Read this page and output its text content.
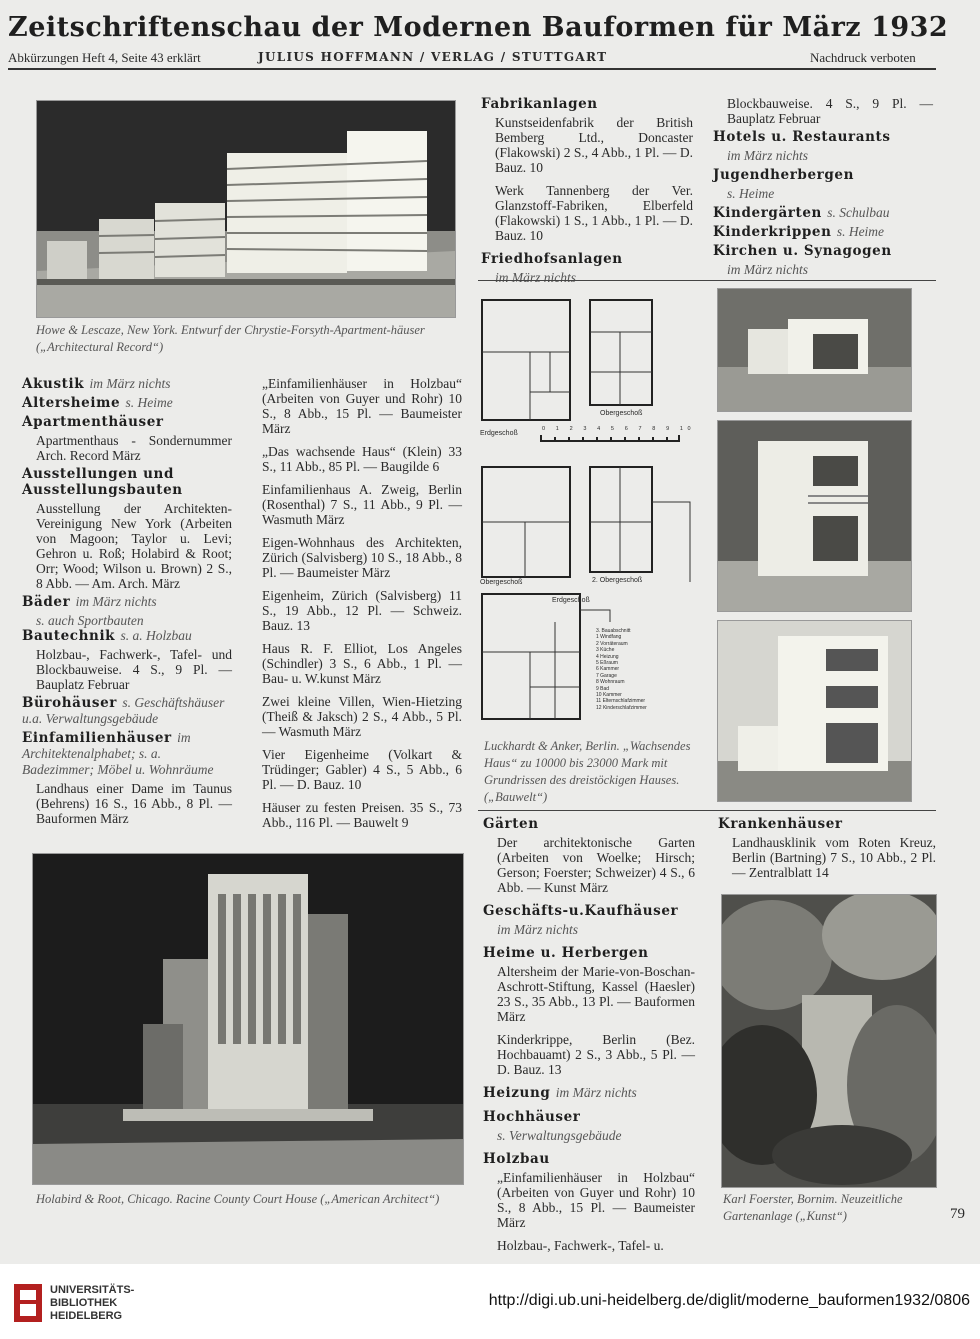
Zeitschriftenschau der Modernen Bauformen für März 1932
Abkürzungen Heft 4, Seite 43 erklärt	JULIUS HOFFMANN / VERLAG / STUTTGART	Nachdruck verboten
Howe & Lescaze, New York. Entwurf der Chrystie-Forsyth-Apartment-häuser („Architectural Record“)
Akustik im März nichts
Altersheime s. Heime
Apartmenthäuser
Apartmenthaus - Sondernummer Arch. Record März
Ausstellungen und Ausstellungsbauten
Ausstellung der Architekten-Vereinigung New York (Arbeiten von Magoon; Taylor u. Levi; Gehron u. Roß; Holabird & Root; Orr; Wood; Wilson u. Brown) 2 S., 8 Abb. — Am. Arch. März
Bäder im März nichts
s. auch Sportbauten
Bautechnik s. a. Holzbau
Holzbau-, Fachwerk-, Tafel- und Blockbauweise. 4 S., 9 Pl. — Bauplatz Februar
Bürohäuser s. Geschäftshäuser u.a. Verwaltungsgebäude
Einfamilienhäuser im Architektenalphabet; s. a. Badezimmer; Möbel u. Wohnräume
Landhaus einer Dame im Taunus (Behrens) 16 S., 16 Abb., 8 Pl. — Bauformen März
„Einfamilienhäuser in Holzbau“ (Arbeiten von Guyer und Rohr) 10 S., 8 Abb., 15 Pl. — Baumeister März
„Das wachsende Haus“ (Klein) 33 S., 11 Abb., 85 Pl. — Baugilde 6
Einfamilienhaus A. Zweig, Berlin (Rosenthal) 7 S., 11 Abb., 9 Pl. — Wasmuth März
Eigen-Wohnhaus des Architekten, Zürich (Salvisberg) 10 S., 18 Abb., 8 Pl. — Baumeister März
Eigenheim, Zürich (Salvisberg) 11 S., 19 Abb., 12 Pl. — Schweiz. Bauz. 13
Haus R. F. Elliot, Los Angeles (Schindler) 3 S., 6 Abb., 1 Pl. — Bau- u. W.kunst März
Zwei kleine Villen, Wien-Hietzing (Theiß & Jaksch) 2 S., 4 Abb., 5 Pl. — Wasmuth März
Vier Eigenheime (Volkart & Trüdinger; Gabler) 4 S., 5 Abb., 6 Pl. — D. Bauz. 10
Häuser zu festen Preisen. 35 S., 73 Abb., 116 Pl. — Bauwelt 9
Holabird & Root, Chicago. Racine County Court House („American Architect“)
Fabrikanlagen
Kunstseidenfabrik der British Bemberg Ltd., Doncaster (Flakowski) 2 S., 4 Abb., 1 Pl. — D. Bauz. 10
Werk Tannenberg der Ver. Glanzstoff-Fabriken, Elberfeld (Flakowski) 1 S., 1 Abb., 1 Pl. — D. Bauz. 10
Friedhofsanlagen
im März nichts
Blockbauweise. 4 S., 9 Pl. — Bauplatz Februar
Hotels u. Restaurants
im März nichts
Jugendherbergen
s. Heime
Kindergärten s. Schulbau
Kinderkrippen s. Heime
Kirchen u. Synagogen
im März nichts
Erdgeschoß
Obergeschoß
0 1 2 3 4 5 6 7 8 9 10
Obergeschoß	2. Obergeschoß
Erdgeschoß
3. Bauabschnitt
1 Windfang
2 Vorräteraum
3 Küche
4 Heizung
5 Eßraum
6 Kammer
7 Garage
8 Wohnraum
9 Bad
10 Kammer
11 Elternschlafzimmer
12 Kinderschlafzimmer
Luckhardt & Anker, Berlin. „Wachsendes Haus“ zu 10000 bis 23000 Mark mit Grundrissen des dreistöckigen Hauses. („Bauwelt“)
Gärten
Der architektonische Garten (Arbeiten von Woelke; Hirsch; Gerson; Foerster; Schweizer) 4 S., 6 Abb. — Kunst März
Geschäfts-u.Kaufhäuser
im März nichts
Heime u. Herbergen
Altersheim der Marie-von-Boschan-Aschrott-Stiftung, Kassel (Haesler) 23 S., 35 Abb., 13 Pl. — Bauformen März
Kinderkrippe, Berlin (Bez. Hochbauamt) 2 S., 3 Abb., 5 Pl. — D. Bauz. 13
Heizung im März nichts
Hochhäuser
s. Verwaltungsgebäude
Holzbau
„Einfamilienhäuser in Holzbau“ (Arbeiten von Guyer und Rohr) 10 S., 8 Abb., 15 Pl. — Baumeister März
Holzbau-, Fachwerk-, Tafel- u.
Krankenhäuser
Landhausklinik vom Roten Kreuz, Berlin (Bartning) 7 S., 10 Abb., 2 Pl. — Zentralblatt 14
Karl Foerster, Bornim. Neuzeitliche Gartenanlage („Kunst“)	79
UNIVERSITÄTS-
BIBLIOTHEK
HEIDELBERG
http://digi.ub.uni-heidelberg.de/diglit/moderne_bauformen1932/0806
